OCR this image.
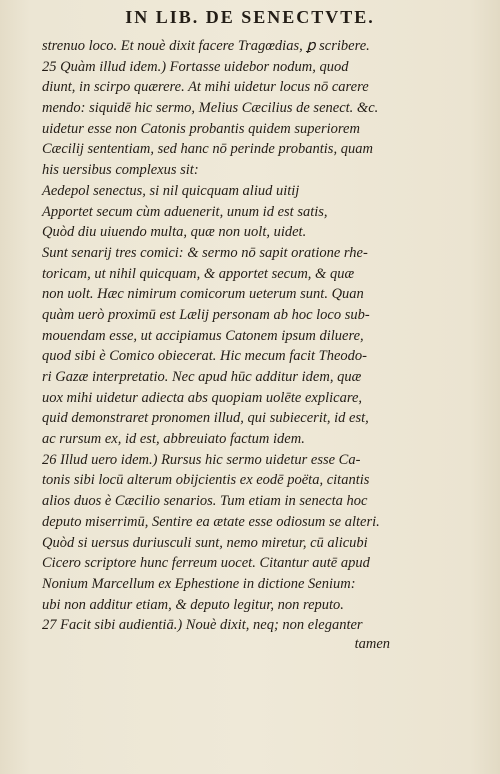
IN LIB. DE SENECTVTE.
strenuo loco. Et nouè dixit facere Tragœdias, ꝑ scribere.
25 Quàm illud idem.) Fortasse uidebor nodum, quod
diunt, in scirpo quærere. At mihi uidetur locus nō carere
mendo: siquidē hic sermo, Melius Cæcilius de senect. &c.
uidetur esse non Catonis probantis quidem superiorem
Cæcilij sententiam, sed hanc nō perinde probantis, quam
his uersibus complexus sit:
Aedepol senectus, si nil quicquam aliud uitij
Apportet secum cùm aduenerit, unum id est satis,
Quòd diu uiuendo multa, quæ non uolt, uidet.
Sunt senarij tres comici: & sermo nō sapit oratione rhe-
toricam, ut nihil quicquam, & apportet secum, & quæ
non uolt. Hæc nimirum comicorum ueterum sunt. Quan
quàm uerò proximū est Lælij personam ab hoc loco sub-
mouendam esse, ut accipiamus Catonem ipsum diluere,
quod sibi è Comico obiecerat. Hic mecum facit Theodo-
ri Gazæ interpretatio. Nec apud hūc additur idem, quæ
uox mihi uidetur adiecta abs quopiam uolēte explicare,
quid demonstraret pronomen illud, qui subiecerit, id est,
ac rursum ex, id est, abbreuiato factum idem.
26 Illud uero idem.) Rursus hic sermo uidetur esse Ca-
tonis sibi locū alterum obijcientis ex eodē poëta, citantis
alios duos è Cæcilio senarios. Tum etiam in senecta hoc
deputo miserrimū, Sentire ea ætate esse odiosum se alteri.
Quòd si uersus duriusculi sunt, nemo miretur, cū alicubi
Cicero scriptore hunc ferreum uocet. Citantur autē apud
Nonium Marcellum ex Ephestione in dictione Senium:
ubi non additur etiam, & deputo legitur, non reputo.
27 Facit sibi audientiā.) Nouè dixit, neq; non eleganter
tamen
